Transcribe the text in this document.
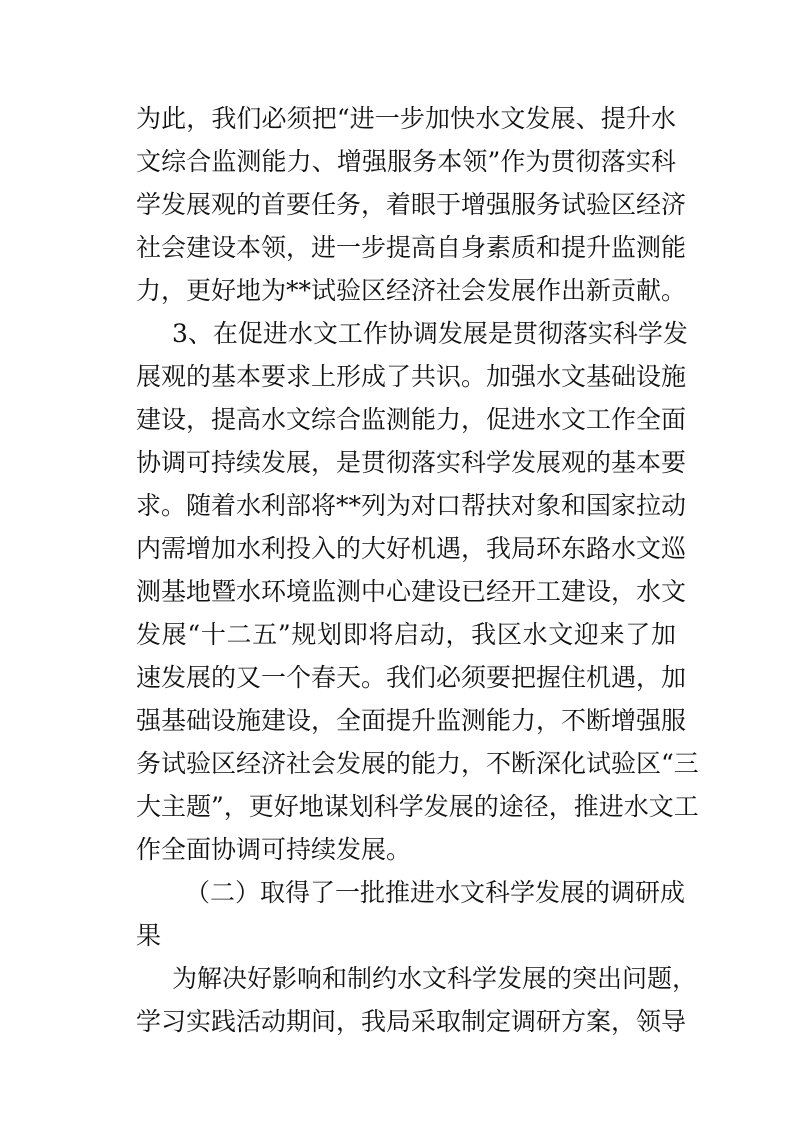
为此，我们必须把“进一步加快水文发展、提升水
文综合监测能力、增强服务本领”作为贯彻落实科
学发展观的首要任务，着眼于增强服务试验区经济
社会建设本领，进一步提高自身素质和提升监测能
力，更好地为**试验区经济社会发展作出新贡献。
3、在促进水文工作协调发展是贯彻落实科学发
展观的基本要求上形成了共识。加强水文基础设施
建设，提高水文综合监测能力，促进水文工作全面
协调可持续发展，是贯彻落实科学发展观的基本要
求。随着水利部将**列为对口帮扶对象和国家拉动
内需增加水利投入的大好机遇，我局环东路水文巡
测基地暨水环境监测中心建设已经开工建设，水文
发展“十二五”规划即将启动，我区水文迎来了加
速发展的又一个春天。我们必须要把握住机遇，加
强基础设施建设，全面提升监测能力，不断增强服
务试验区经济社会发展的能力，不断深化试验区“三
大主题”，更好地谋划科学发展的途径，推进水文工
作全面协调可持续发展。
（二）取得了一批推进水文科学发展的调研成
果
为解决好影响和制约水文科学发展的突出问题，
学习实践活动期间，我局采取制定调研方案，领导
